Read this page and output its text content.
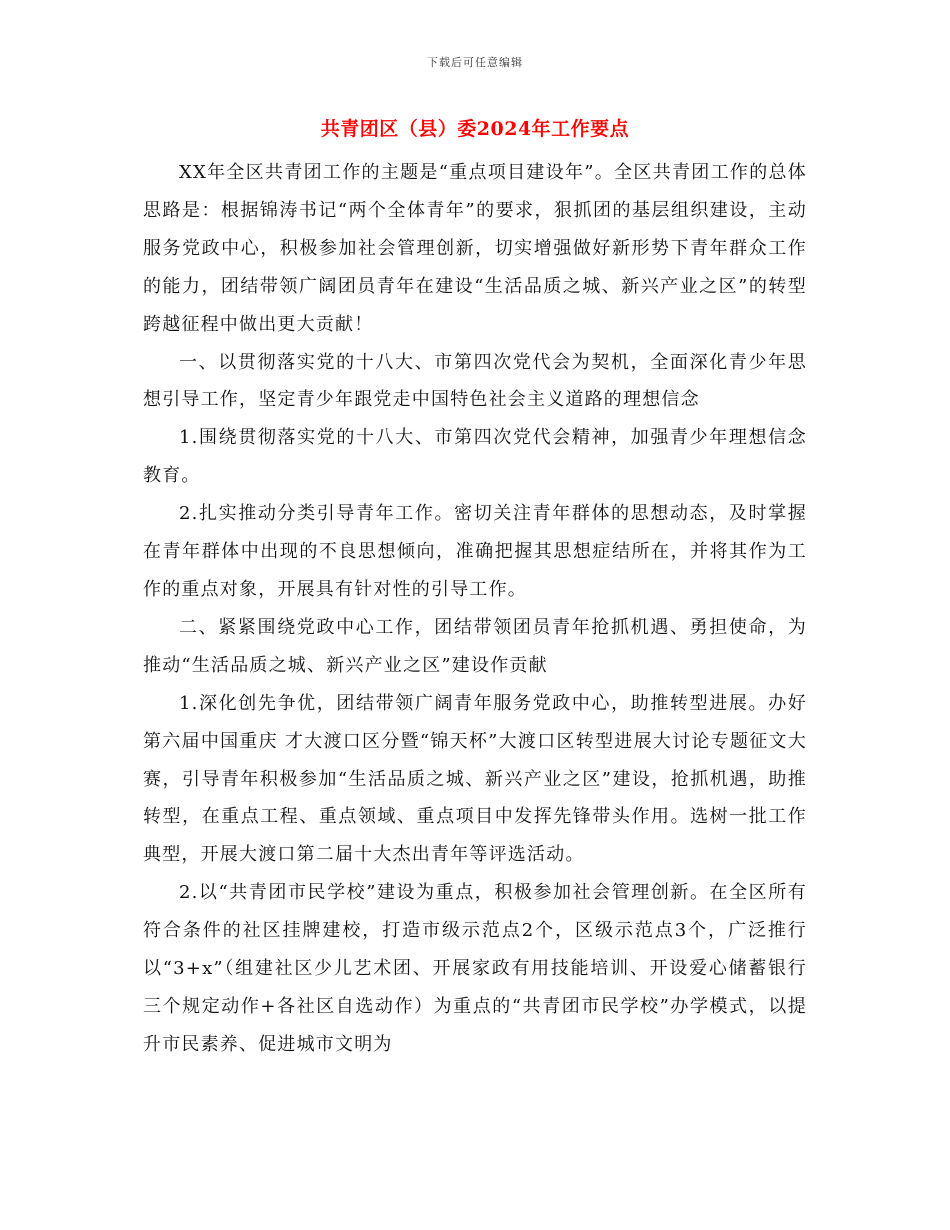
下载后可任意编辑
共青团区（县）委2024年工作要点

XX年全区共青团工作的主题是“重点项目建设年”。全区共青团工作的总体思路是：根据锦涛书记“两个全体青年”的要求，狠抓团的基层组织建设，主动服务党政中心，积极参加社会管理创新，切实增强做好新形势下青年群众工作的能力，团结带领广阔团员青年在建设“生活品质之城、新兴产业之区”的转型跨越征程中做出更大贡献！

一、以贯彻落实党的十八大、市第四次党代会为契机，全面深化青少年思想引导工作，坚定青少年跟党走中国特色社会主义道路的理想信念

1.围绕贯彻落实党的十八大、市第四次党代会精神，加强青少年理想信念教育。

2.扎实推动分类引导青年工作。密切关注青年群体的思想动态，及时掌握在青年群体中出现的不良思想倾向，准确把握其思想症结所在，并将其作为工作的重点对象，开展具有针对性的引导工作。

二、紧紧围绕党政中心工作，团结带领团员青年抢抓机遇、勇担使命，为推动“生活品质之城、新兴产业之区”建设作贡献

1.深化创先争优，团结带领广阔青年服务党政中心，助推转型进展。办好第六届中国重庆 才大渡口区分暨“锦天杯”大渡口区转型进展大讨论专题征文大赛，引导青年积极参加“生活品质之城、新兴产业之区”建设，抢抓机遇，助推转型，在重点工程、重点领域、重点项目中发挥先锋带头作用。选树一批工作典型，开展大渡口第二届十大杰出青年等评选活动。

2.以“共青团市民学校”建设为重点，积极参加社会管理创新。在全区所有符合条件的社区挂牌建校，打造市级示范点2个，区级示范点3个，广泛推行以“3+x”（组建社区少儿艺术团、开展家政有用技能培训、开设爱心储蓄银行三个规定动作+各社区自选动作）为重点的“共青团市民学校”办学模式，以提升市民素养、促进城市文明为
